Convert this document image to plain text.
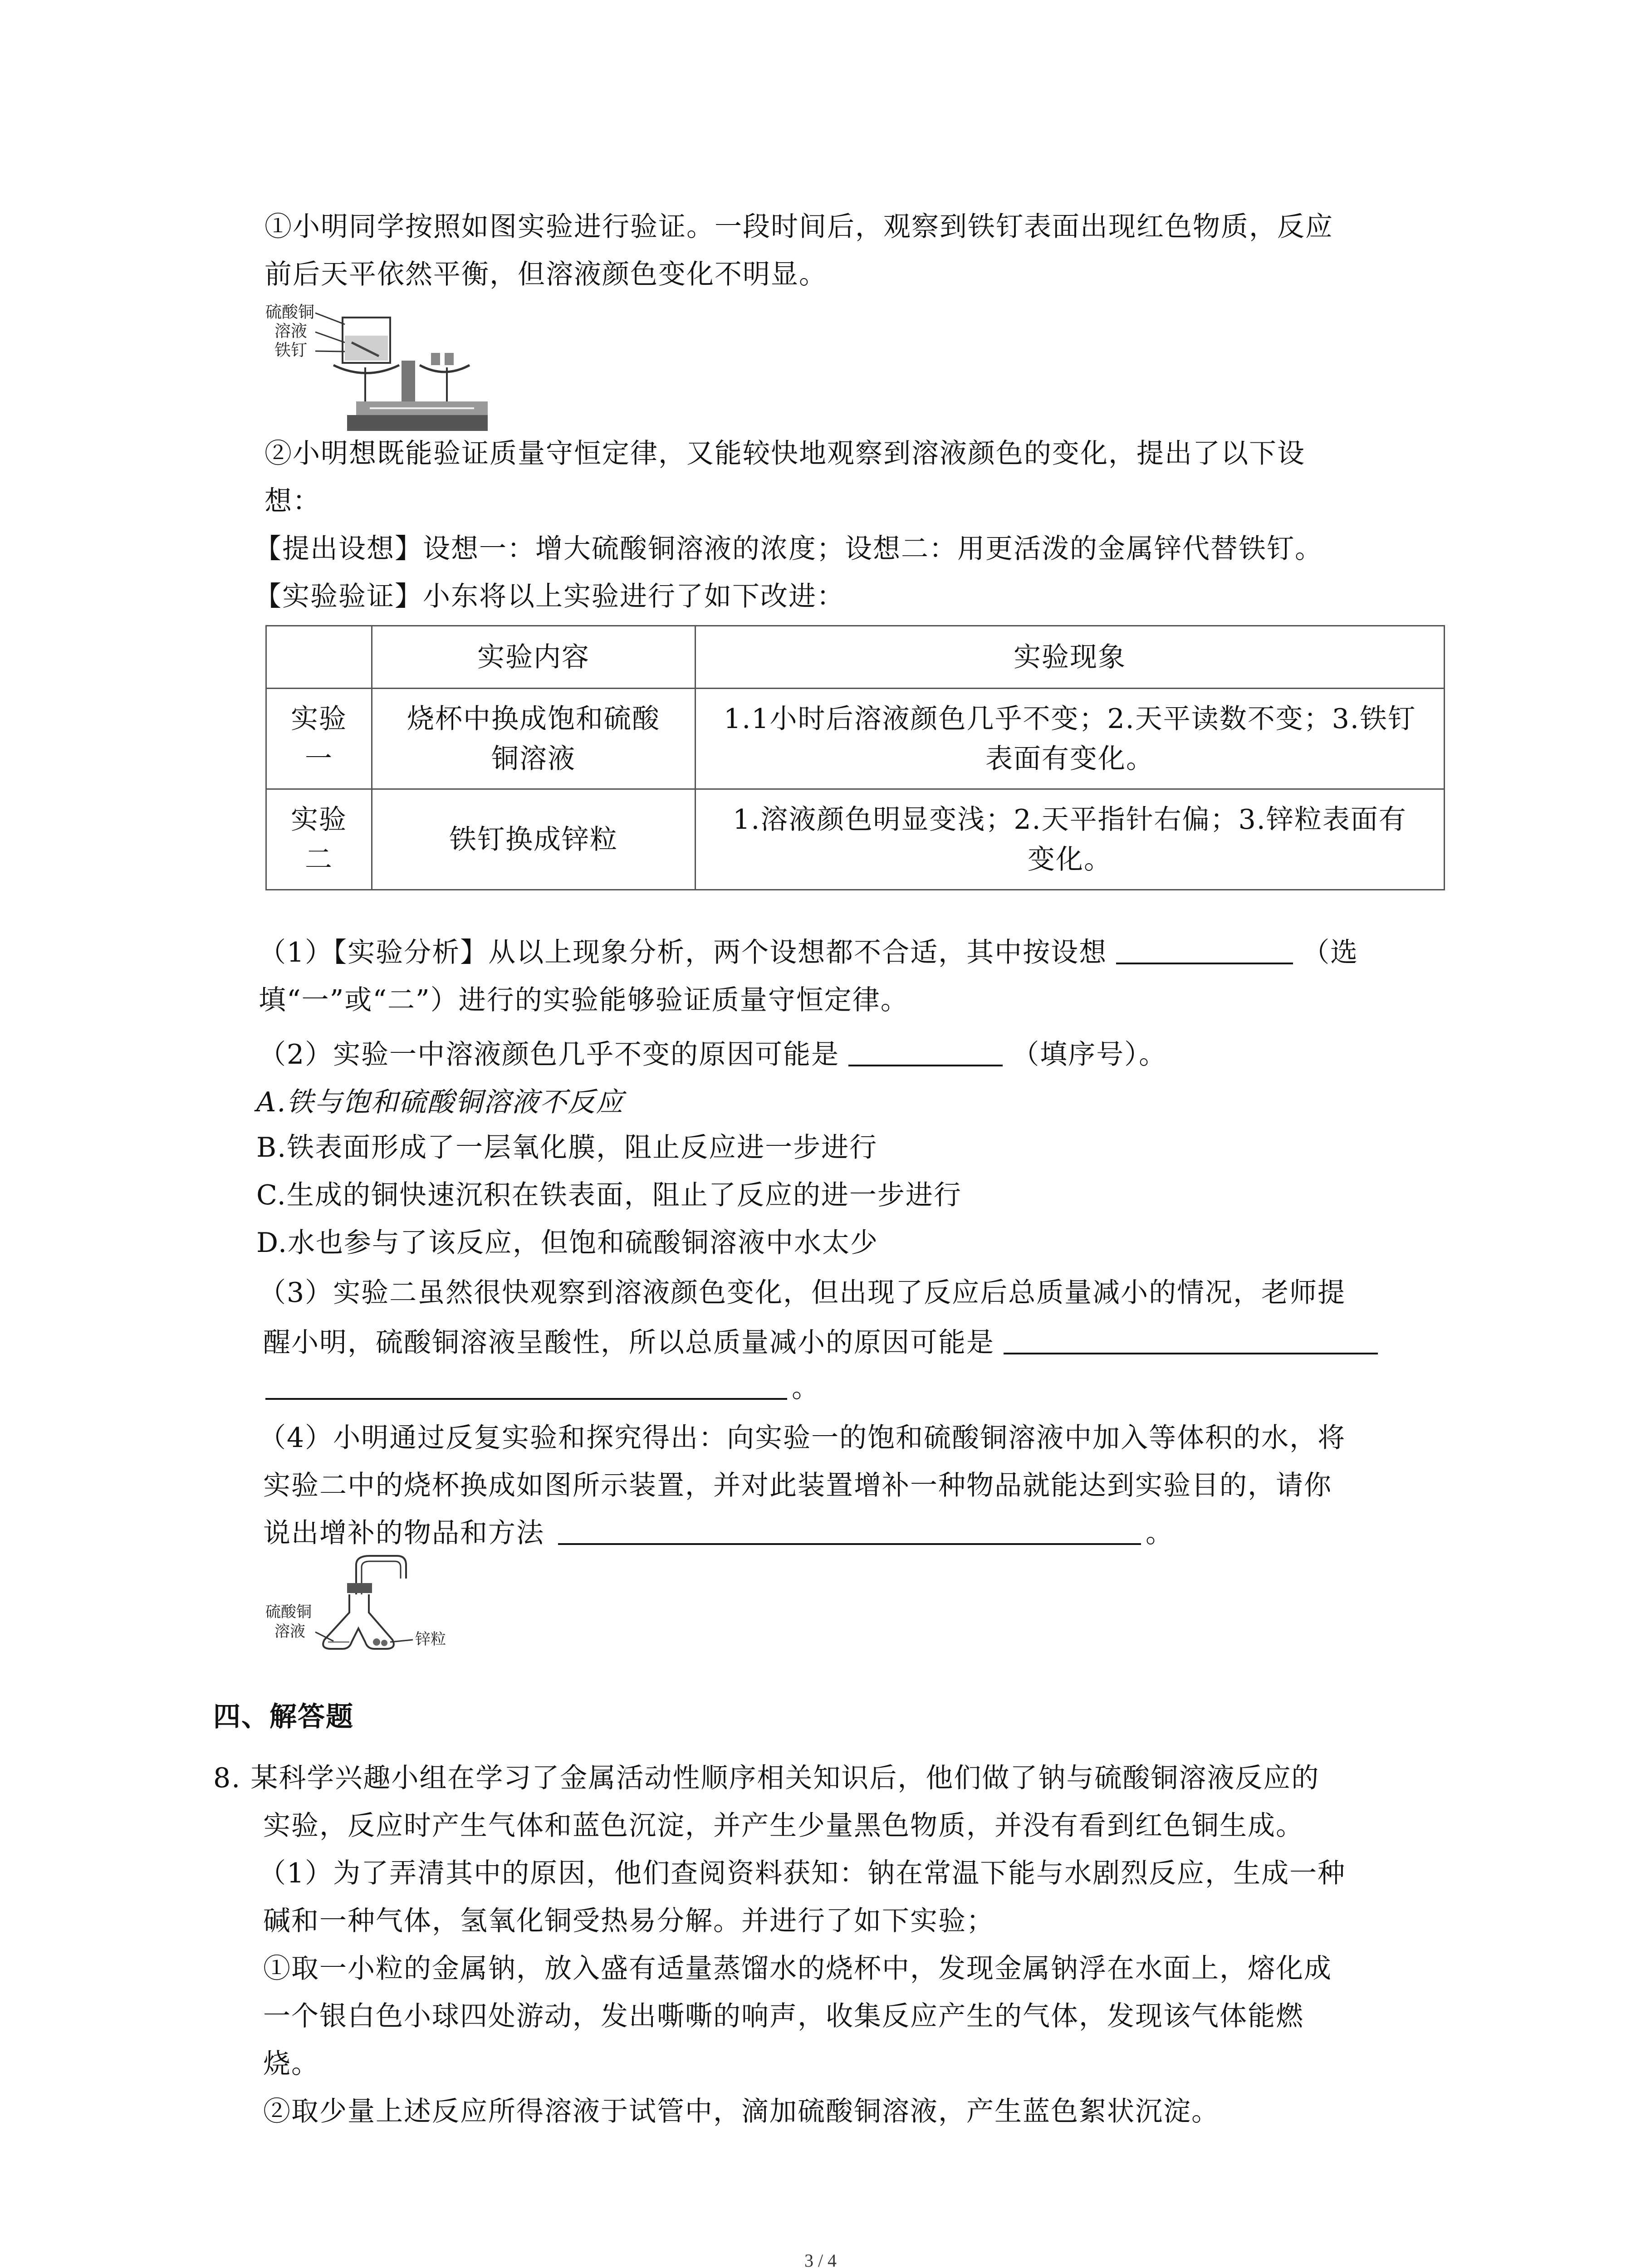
①小明同学按照如图实验进行验证。一段时间后，观察到铁钉表面出现红色物质，反应
前后天平依然平衡，但溶液颜色变化不明显。
硫酸铜
溶液
铁钉
②小明想既能验证质量守恒定律，又能较快地观察到溶液颜色的变化，提出了以下设
想：
【提出设想】设想一：增大硫酸铜溶液的浓度；设想二：用更活泼的金属锌代替铁钉。
【实验验证】小东将以上实验进行了如下改进：
	实验内容	实验现象
实验
一	烧杯中换成饱和硫酸
铜溶液	1.1小时后溶液颜色几乎不变；2.天平读数不变；3.铁钉
表面有变化。
实验
二	铁钉换成锌粒	1.溶液颜色明显变浅；2.天平指针右偏；3.锌粒表面有
变化。
（1）【实验分析】从以上现象分析，两个设想都不合适，其中按设想	（选
填“一”或“二”）进行的实验能够验证质量守恒定律。
（2）实验一中溶液颜色几乎不变的原因可能是	（填序号）。
A.铁与饱和硫酸铜溶液不反应
B.铁表面形成了一层氧化膜，阻止反应进一步进行
C.生成的铜快速沉积在铁表面，阻止了反应的进一步进行
D.水也参与了该反应，但饱和硫酸铜溶液中水太少
（3）实验二虽然很快观察到溶液颜色变化，但出现了反应后总质量减小的情况，老师提
醒小明，硫酸铜溶液呈酸性，所以总质量减小的原因可能是
。
（4）小明通过反复实验和探究得出：向实验一的饱和硫酸铜溶液中加入等体积的水，将
实验二中的烧杯换成如图所示装置，并对此装置增补一种物品就能达到实验目的，请你
说出增补的物品和方法	。
硫酸铜
溶液	锌粒
四、解答题
8. 某科学兴趣小组在学习了金属活动性顺序相关知识后，他们做了钠与硫酸铜溶液反应的
实验，反应时产生气体和蓝色沉淀，并产生少量黑色物质，并没有看到红色铜生成。
（1）为了弄清其中的原因，他们查阅资料获知：钠在常温下能与水剧烈反应，生成一种
碱和一种气体，氢氧化铜受热易分解。并进行了如下实验；
①取一小粒的金属钠，放入盛有适量蒸馏水的烧杯中，发现金属钠浮在水面上，熔化成
一个银白色小球四处游动，发出嘶嘶的响声，收集反应产生的气体，发现该气体能燃
烧。
②取少量上述反应所得溶液于试管中，滴加硫酸铜溶液，产生蓝色絮状沉淀。
3 / 4
